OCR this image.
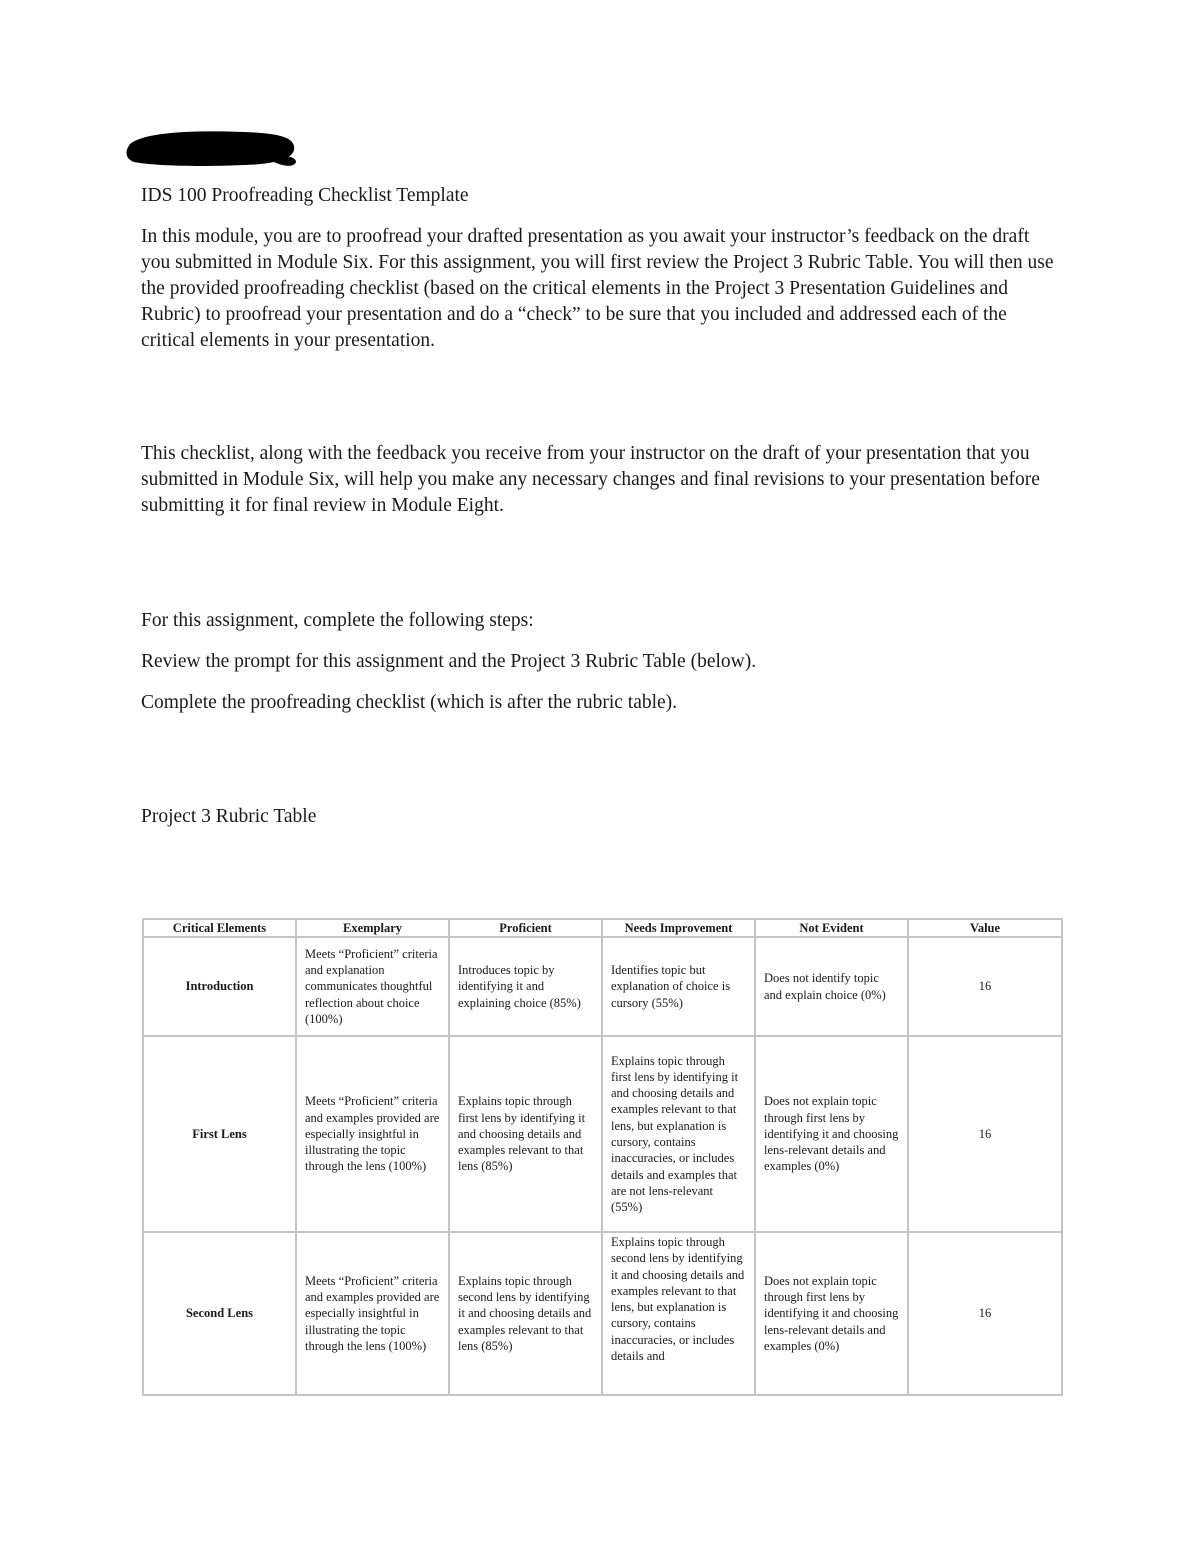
IDS 100 Proofreading Checklist Template

In this module, you are to proofread your drafted presentation as you await your instructor’s feedback on the draft you submitted in Module Six. For this assignment, you will first review the Project 3 Rubric Table. You will then use the provided proofreading checklist (based on the critical elements in the Project 3 Presentation Guidelines and Rubric) to proofread your presentation and do a “check” to be sure that you included and addressed each of the critical elements in your presentation.

This checklist, along with the feedback you receive from your instructor on the draft of your presentation that you submitted in Module Six, will help you make any necessary changes and final revisions to your presentation before submitting it for final review in Module Eight.

For this assignment, complete the following steps:

Review the prompt for this assignment and the Project 3 Rubric Table (below).

Complete the proofreading checklist (which is after the rubric table).

Project 3 Rubric Table

Critical Elements	Exemplary	Proficient	Needs Improvement	Not Evident	Value
Introduction	Meets “Proficient” criteria and explanation communicates thoughtful reflection about choice (100%)	Introduces topic by identifying it and explaining choice (85%)	Identifies topic but explanation of choice is cursory (55%)	Does not identify topic and explain choice (0%)	16
First Lens	Meets “Proficient” criteria and examples provided are especially insightful in illustrating the topic through the lens (100%)	Explains topic through first lens by identifying it and choosing details and examples relevant to that lens (85%)	Explains topic through first lens by identifying it and choosing details and examples relevant to that lens, but explanation is cursory, contains inaccuracies, or includes details and examples that are not lens-relevant (55%)	Does not explain topic through first lens by identifying it and choosing lens-relevant details and examples (0%)	16
Second Lens	Meets “Proficient” criteria and examples provided are especially insightful in illustrating the topic through the lens (100%)	Explains topic through second lens by identifying it and choosing details and examples relevant to that lens (85%)	Explains topic through second lens by identifying it and choosing details and examples relevant to that lens, but explanation is cursory, contains inaccuracies, or includes details and	Does not explain topic through first lens by identifying it and choosing lens-relevant details and examples (0%)	16
